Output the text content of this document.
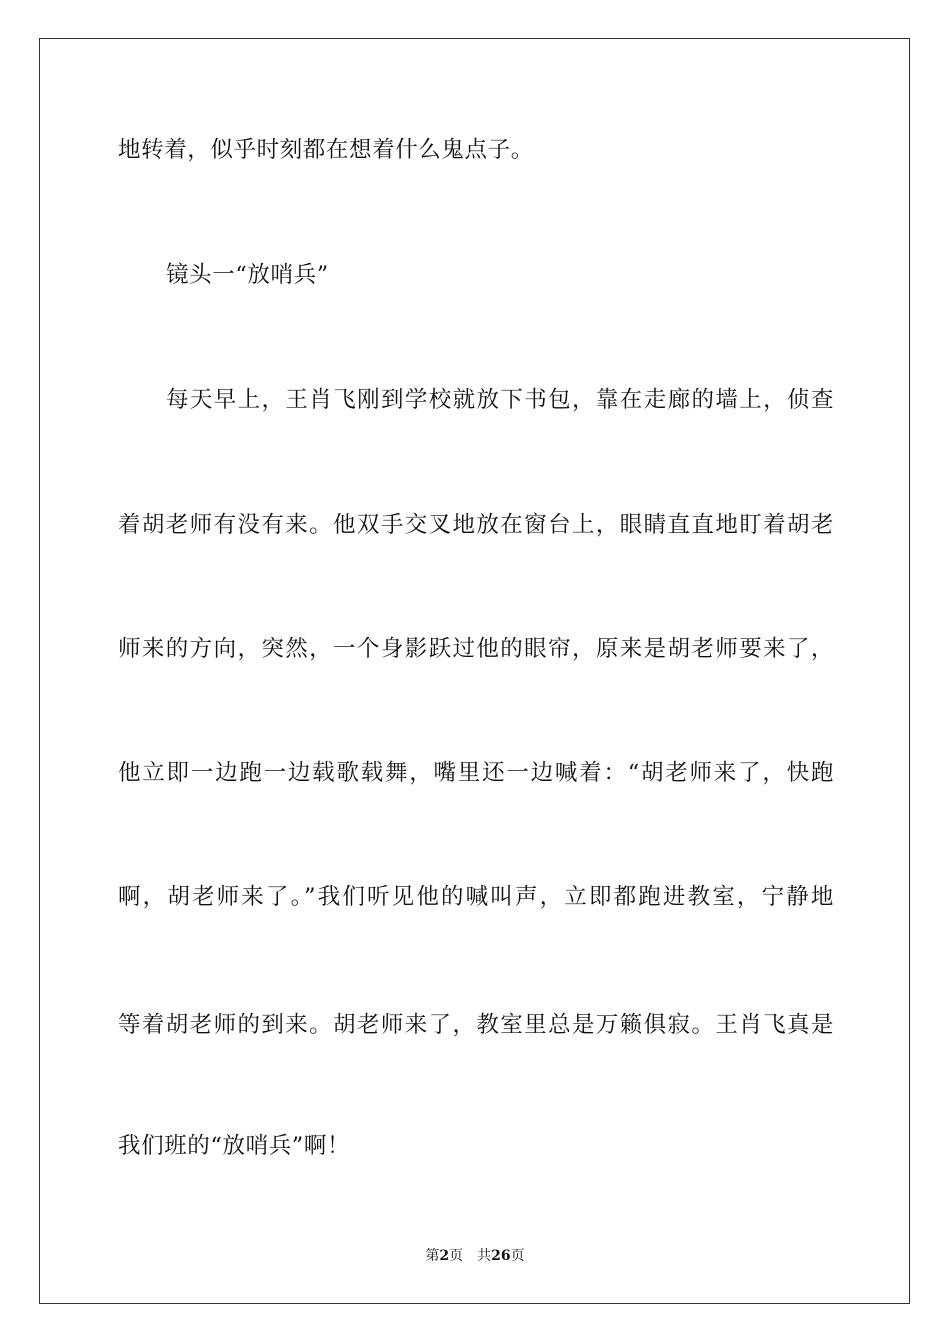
地转着，似乎时刻都在想着什么鬼点子。
镜头一“放哨兵”
每天早上，王肖飞刚到学校就放下书包，靠在走廊的墙上，侦查
着胡老师有没有来。他双手交叉地放在窗台上，眼睛直直地盯着胡老
师来的方向，突然，一个身影跃过他的眼帘，原来是胡老师要来了，
他立即一边跑一边载歌载舞，嘴里还一边喊着：“胡老师来了，快跑
啊，胡老师来了。”我们听见他的喊叫声，立即都跑进教室，宁静地
等着胡老师的到来。胡老师来了，教室里总是万籁俱寂。王肖飞真是
我们班的“放哨兵”啊！
第2页　共26页
